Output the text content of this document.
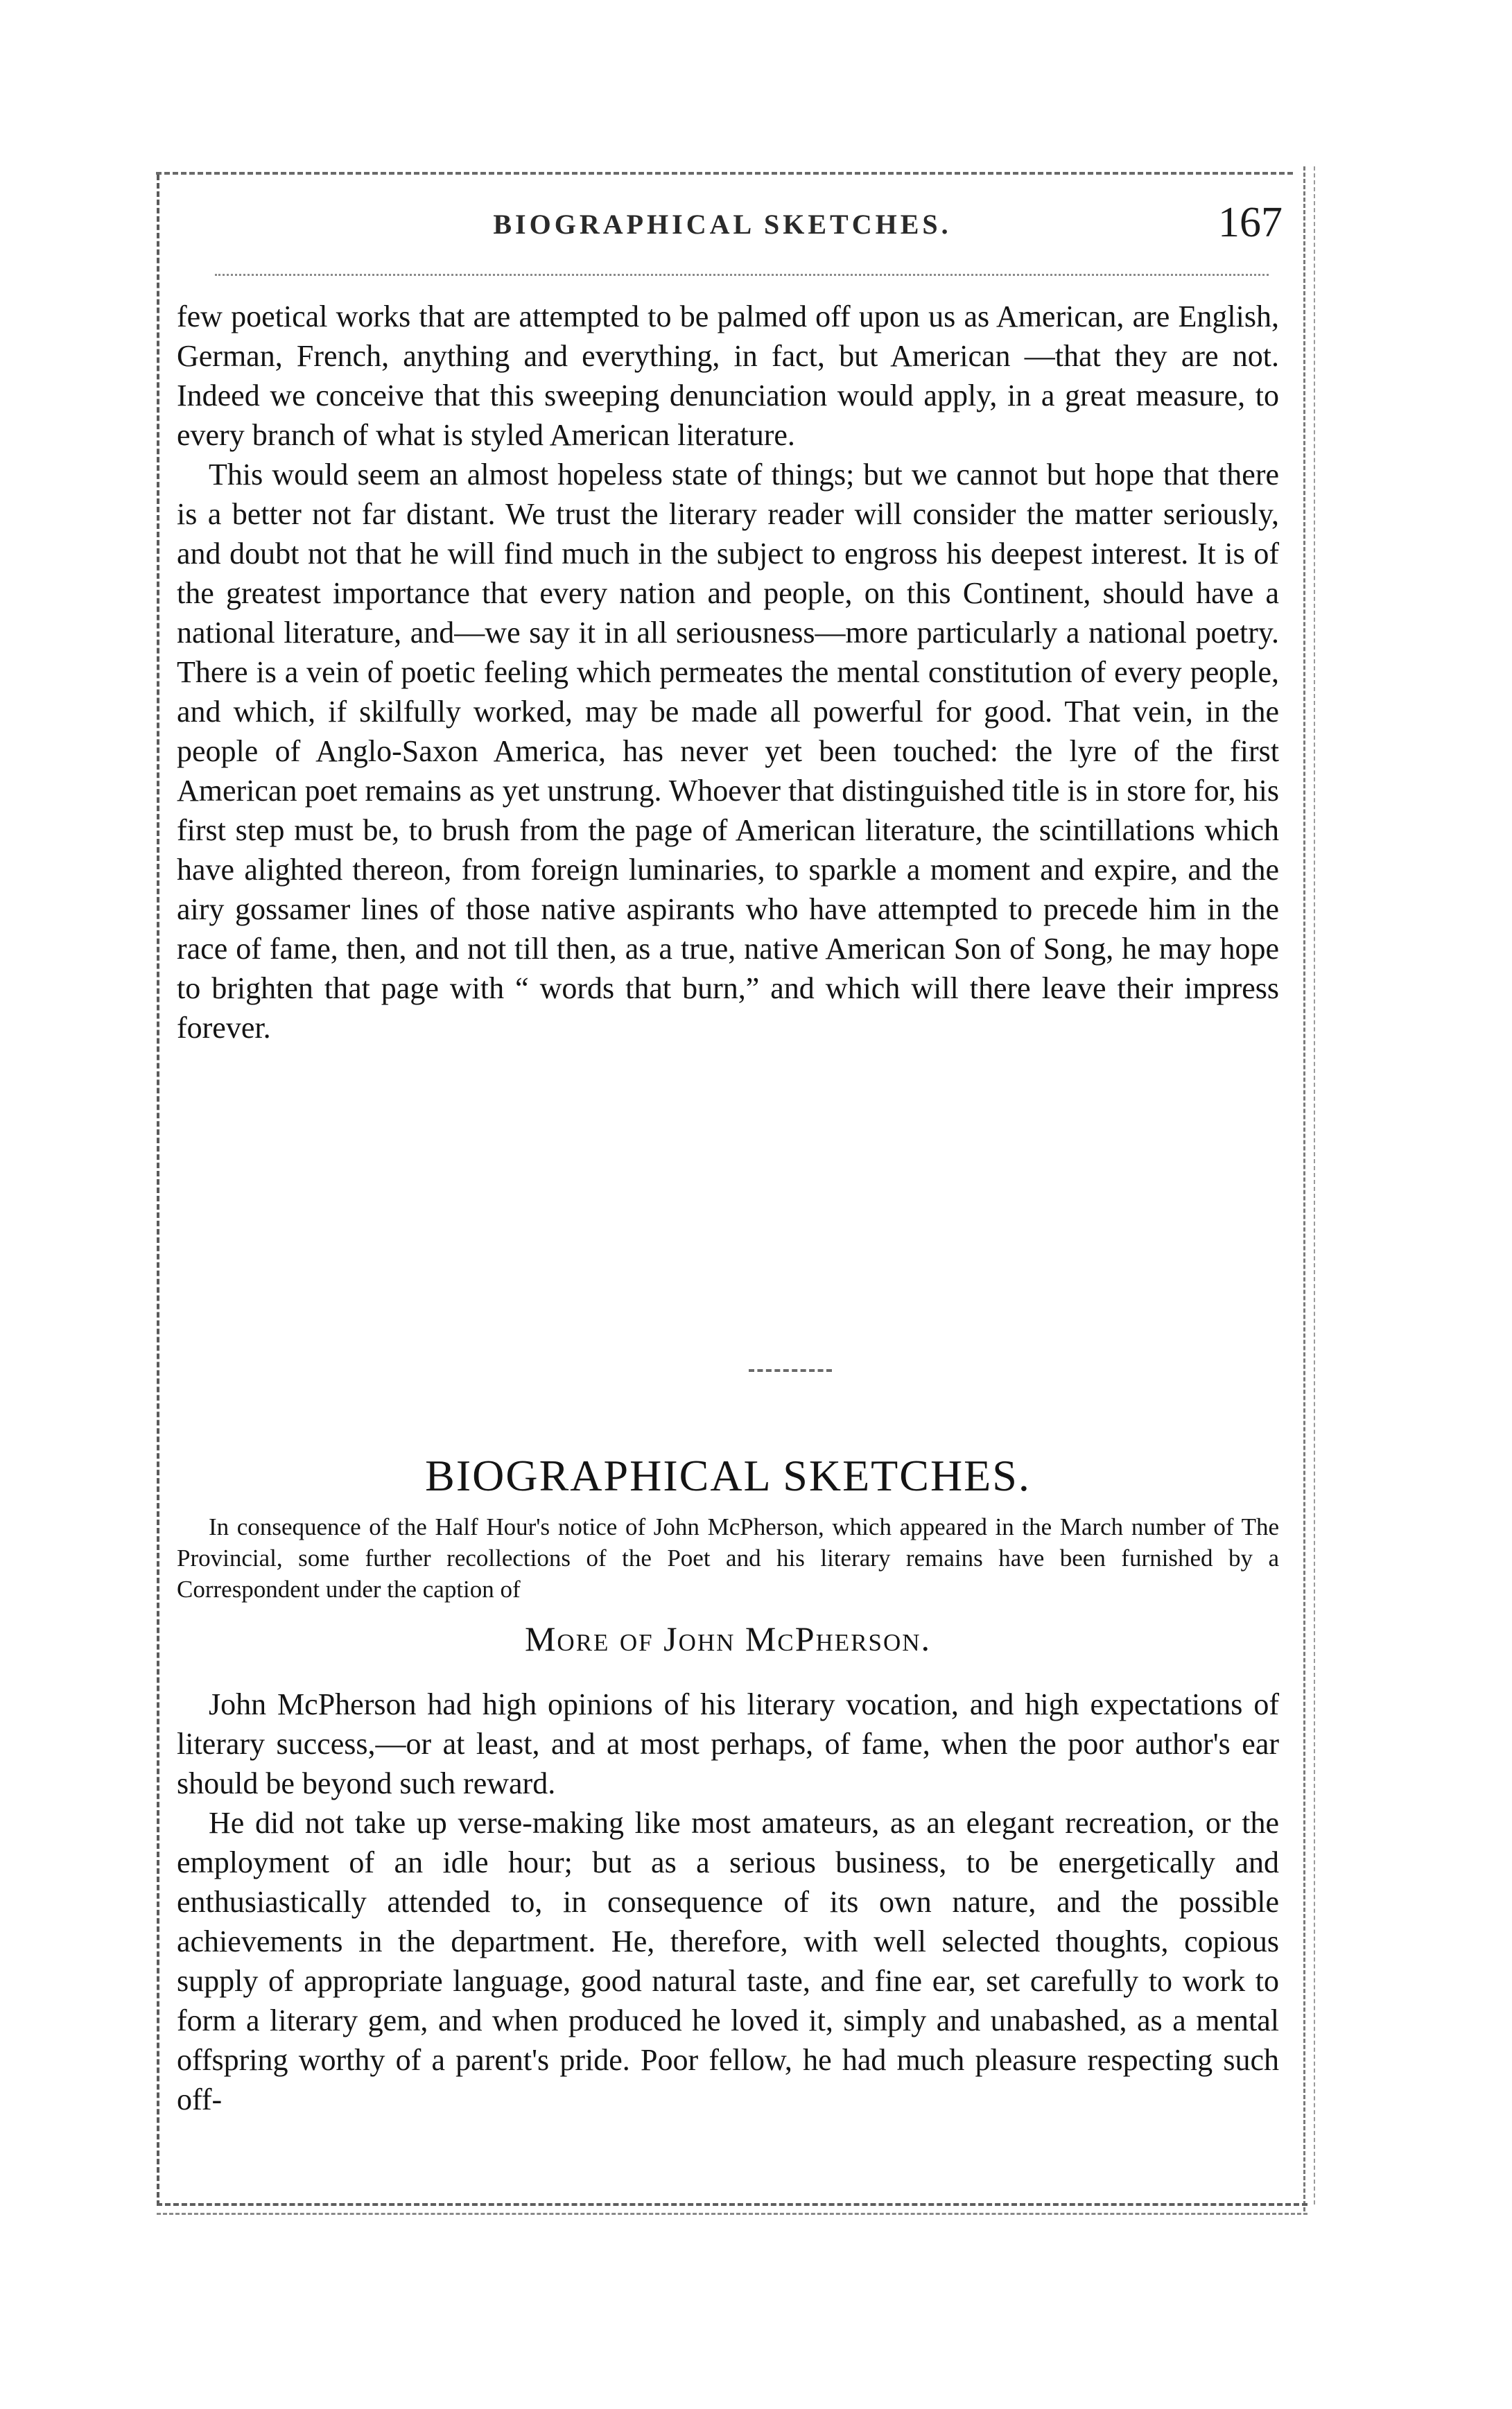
BIOGRAPHICAL SKETCHES.	167

few poetical works that are attempted to be palmed off upon us as American, are English, German, French, anything and everything, in fact, but American —that they are not. Indeed we conceive that this sweeping denunciation would apply, in a great measure, to every branch of what is styled American literature.

This would seem an almost hopeless state of things; but we cannot but hope that there is a better not far distant. We trust the literary reader will consider the matter seriously, and doubt not that he will find much in the subject to engross his deepest interest. It is of the greatest importance that every nation and people, on this Continent, should have a national literature, and—we say it in all seriousness—more particularly a national poetry. There is a vein of poetic feeling which permeates the mental constitution of every people, and which, if skilfully worked, may be made all powerful for good. That vein, in the people of Anglo-Saxon America, has never yet been touched: the lyre of the first American poet remains as yet unstrung. Whoever that distinguished title is in store for, his first step must be, to brush from the page of American literature, the scintillations which have alighted thereon, from foreign luminaries, to sparkle a moment and expire, and the airy gossamer lines of those native aspirants who have attempted to precede him in the race of fame, then, and not till then, as a true, native American Son of Song, he may hope to brighten that page with “ words that burn,” and which will there leave their impress forever.

BIOGRAPHICAL SKETCHES.
In consequence of the Half Hour's notice of John McPherson, which appeared in the March number of The Provincial, some further recollections of the Poet and his literary remains have been furnished by a Correspondent under the caption of
More of John McPherson.

John McPherson had high opinions of his literary vocation, and high expectations of literary success,—or at least, and at most perhaps, of fame, when the poor author's ear should be beyond such reward.

He did not take up verse-making like most amateurs, as an elegant recreation, or the employment of an idle hour; but as a serious business, to be energetically and enthusiastically attended to, in consequence of its own nature, and the possible achievements in the department. He, therefore, with well selected thoughts, copious supply of appropriate language, good natural taste, and fine ear, set carefully to work to form a literary gem, and when produced he loved it, simply and unabashed, as a mental offspring worthy of a parent's pride. Poor fellow, he had much pleasure respecting such off-
